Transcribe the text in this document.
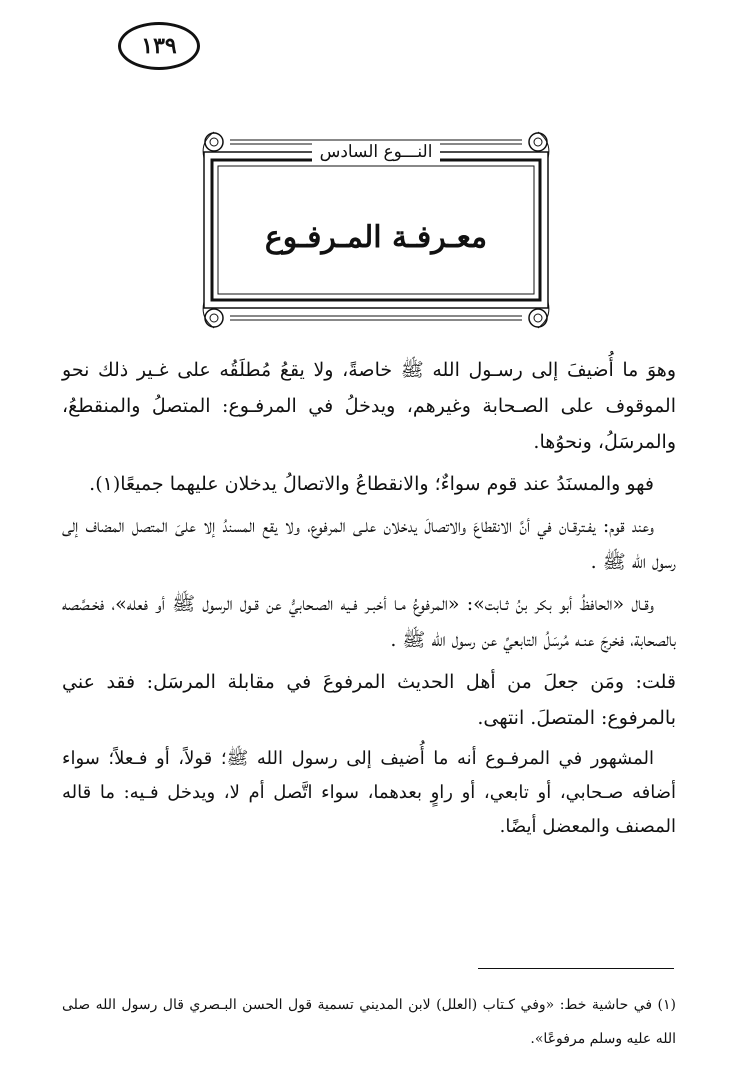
١٣٩
النـــوع السادس
معـرفـة المـرفـوع

وهوَ ما أُضيفَ إلى رسـول الله ﷺ خاصةً، ولا يقعُ مُطلَقُه على غـير ذلك نحو الموقوف على الصـحابة وغيرهم، ويدخلُ في المرفـوع: المتصلُ والمنقطعُ، والمرسَلُ، ونحوُها.

فهو والمسنَدُ عند قوم سواءٌ؛ والانقطاعُ والاتصالُ يدخلان عليهما جميعًا(١).

وعند قوم: يفـترقـان في أنَّ الانقطاعَ والاتصالَ يدخلان علـى المرفوع، ولا يقع المسندُ إلا علىَ المتصل المضاف إلى رسول الله ﷺ .

وقـال «الحافظُ أبو بكر بنُ ثـابت»: «المرفوعُ مـا أخبـر فـيه الصـحابيُّ عن قـول الرسول ﷺ أو فعله»، فخـصَّصه بالصحابة، فخرجَ عنـه مُرسَلُ التابعيِّ عن رسول الله ﷺ .

قلت: ومَن جعلَ من أهل الحديث المرفوعَ في مقابلة المرسَل: فقد عني بالمرفوع: المتصلَ. انتهى.

المشهور في المرفـوع أنه ما أُضيف إلى رسول الله ﷺ؛ قولاً، أو فـعلاً؛ سواء أضافه صـحابي، أو تابعي، أو راوٍ بعدهما، سواء اتَّصل أم لا، ويدخل فـيه: ما قاله المصنف والمعضل أيضًا.

(١) في حاشية خط: «وفي كـتاب (العلل) لابن المديني تسمية قول الحسن البـصري قال رسول الله صلى الله عليه وسلم مرفوعًا».
